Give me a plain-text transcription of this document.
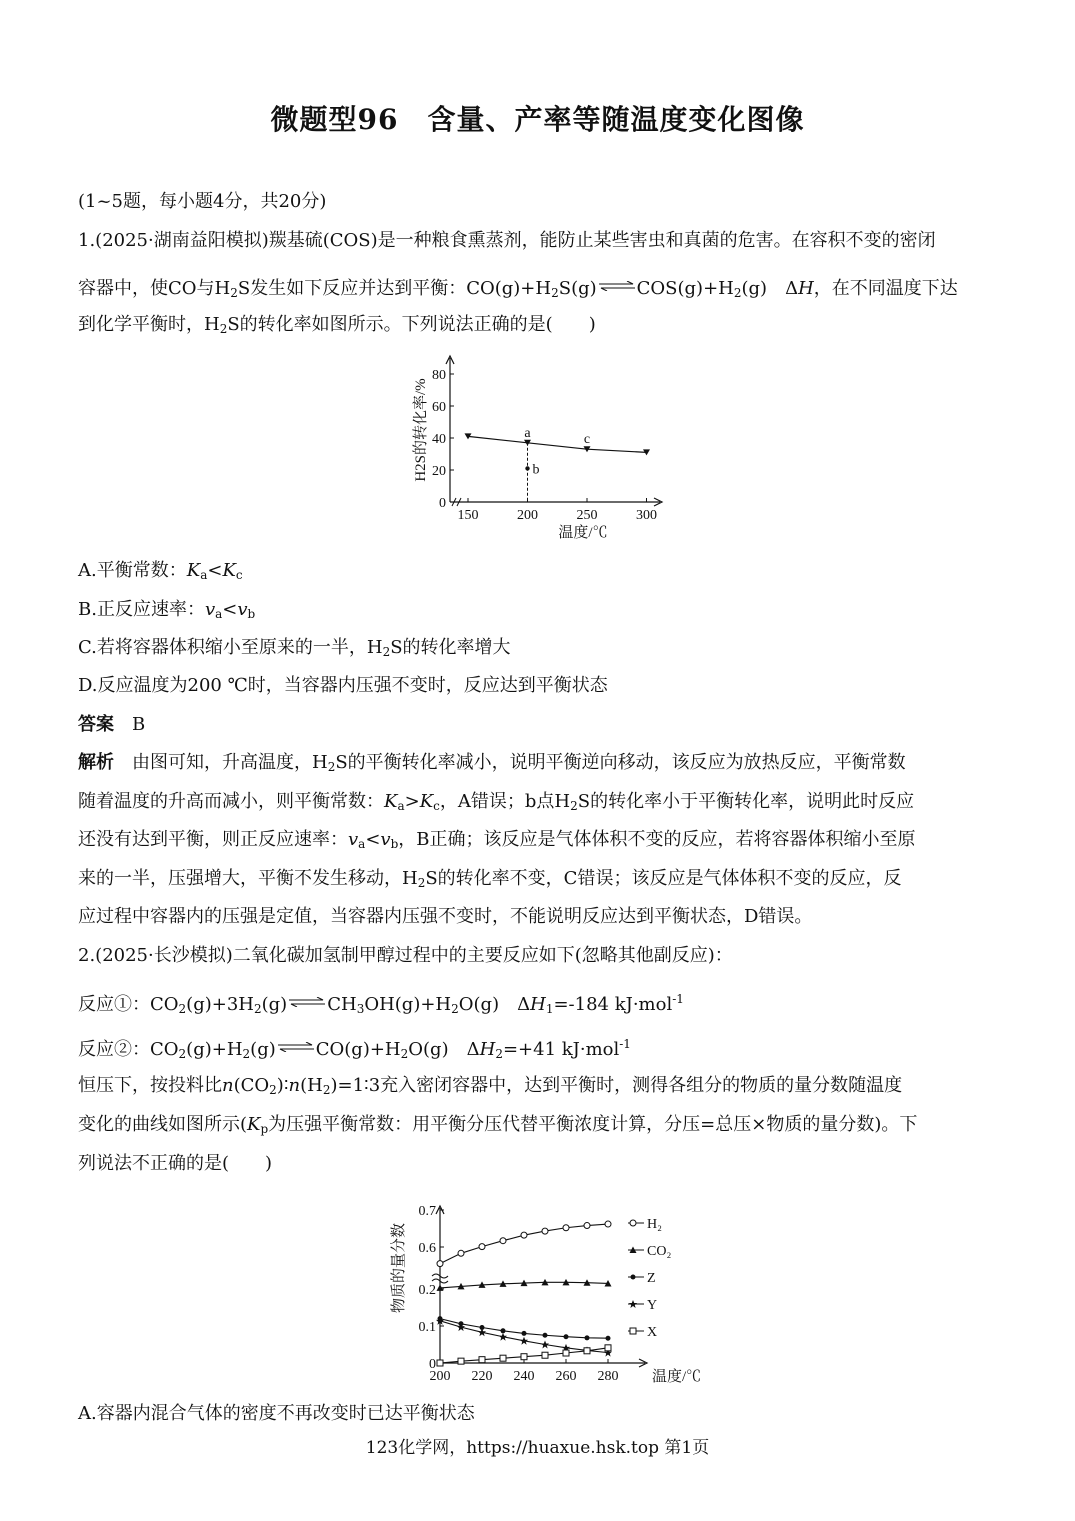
微题型96　含量、产率等随温度变化图像
(1~5题，每小题4分，共20分)
1.(2025·湖南益阳模拟)羰基硫(COS)是一种粮食熏蒸剂，能防止某些害虫和真菌的危害。在容积不变的密闭
容器中，使CO与$H_2S$发生如下反应并达到平衡：$CO(g)+H_2S(g)\rightleftharpoons COS(g)+H_2(g)$　ΔH，在不同温度下达
到化学平衡时，$H_2S$的转化率如图所示。下列说法正确的是(　　)
150	200	250	300
0
20
40
60
80
a
b
c
温度/℃
H2S的转化率/%
A.平衡常数：$K_a<K_c$
B.正反应速率：$v_a<v_b$
C.若将容器体积缩小至原来的一半，$H_2S$的转化率增大
D.反应温度为200 ℃时，当容器内压强不变时，反应达到平衡状态
答案　 B
解析　 由图可知，升高温度，$H_2S$的平衡转化率减小，说明平衡逆向移动，该反应为放热反应，平衡常数
随着温度的升高而减小，则平衡常数：$K_a>K_c$，A错误；b点$H_2S$的转化率小于平衡转化率，说明此时反应
还没有达到平衡，则正反应速率：$v_a<v_b$，B正确；该反应是气体体积不变的反应，若将容器体积缩小至原
来的一半，压强增大，平衡不发生移动，$H_2S$的转化率不变，C错误；该反应是气体体积不变的反应，反
应过程中容器内的压强是定值，当容器内压强不变时，不能说明反应达到平衡状态，D错误。
2.(2025·长沙模拟)二氧化碳加氢制甲醇过程中的主要反应如下(忽略其他副反应)：
反应①：$CO_2(g)+3H_2(g)\rightleftharpoons CH_3OH(g)+H_2O(g)$　$\Delta H_1=-184$ kJ·mol$^{-1}$
反应②：$CO_2(g)+H_2(g)\rightleftharpoons CO(g)+H_2O(g)$　$\Delta H_2=+41$ kJ·mol$^{-1}$
恒压下，按投料比$n(CO_2)∶n(H_2)=1∶3$充入密闭容器中，达到平衡时，测得各组分的物质的量分数随温度
变化的曲线如图所示($K_p$为压强平衡常数：用平衡分压代替平衡浓度计算，分压=总压×物质的量分数)。下
列说法不正确的是(　　)
200 220 240 260 280
0
0.1
0.2
0.6
0.7
H₂
CO₂
Z
Y
X
温度/℃
物质的量分数
A.容器内混合气体的密度不再改变时已达平衡状态
123化学网，https://huaxue.hsk.top 第1页
